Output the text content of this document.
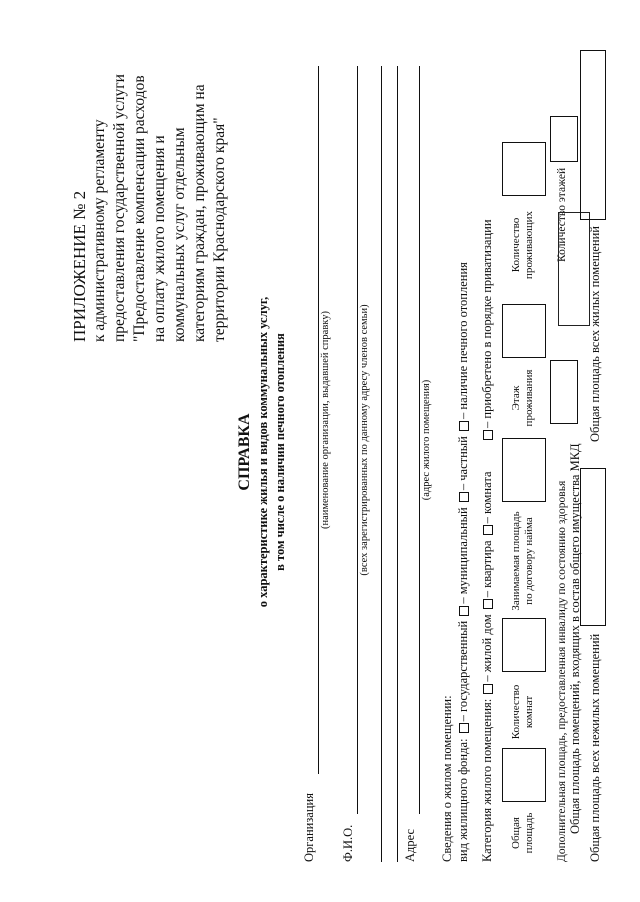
ПРИЛОЖЕНИЕ № 2 к административному регламенту предоставления государственной услуги "Предоставление компенсации расходов на оплату жилого помещения и коммунальных услуг отдельным категориям граждан, проживающим на территории Краснодарского края"
СПРАВКА о характеристике жилья и видов коммунальных услуг, в том числе о наличии печного отопления
Организация
(наименование организации, выдавшей справку)
Ф.И.О.
(всех зарегистрированных по данному адресу членов семьи)
Адрес
(адрес жилого помещения)
Сведения о жилом помещении: вид жилищного фонда: – государственный – муниципальный – частный – наличие печного отопления
Категория жилого помещения: – жилой дом – квартира – комната
– приобретено в порядке приватизации
Общая площадь
Количество комнат
Занимаемая площадь по договору найма
Этаж проживания
Количество проживающих
Дополнительная площадь, предоставленная инвалиду по состоянию здоровья
Количество этажей
Общая площадь помещений, входящих в состав общего имущества МКД Общая площадь всех нежилых помещений
Общая площадь всех жилых помещений
